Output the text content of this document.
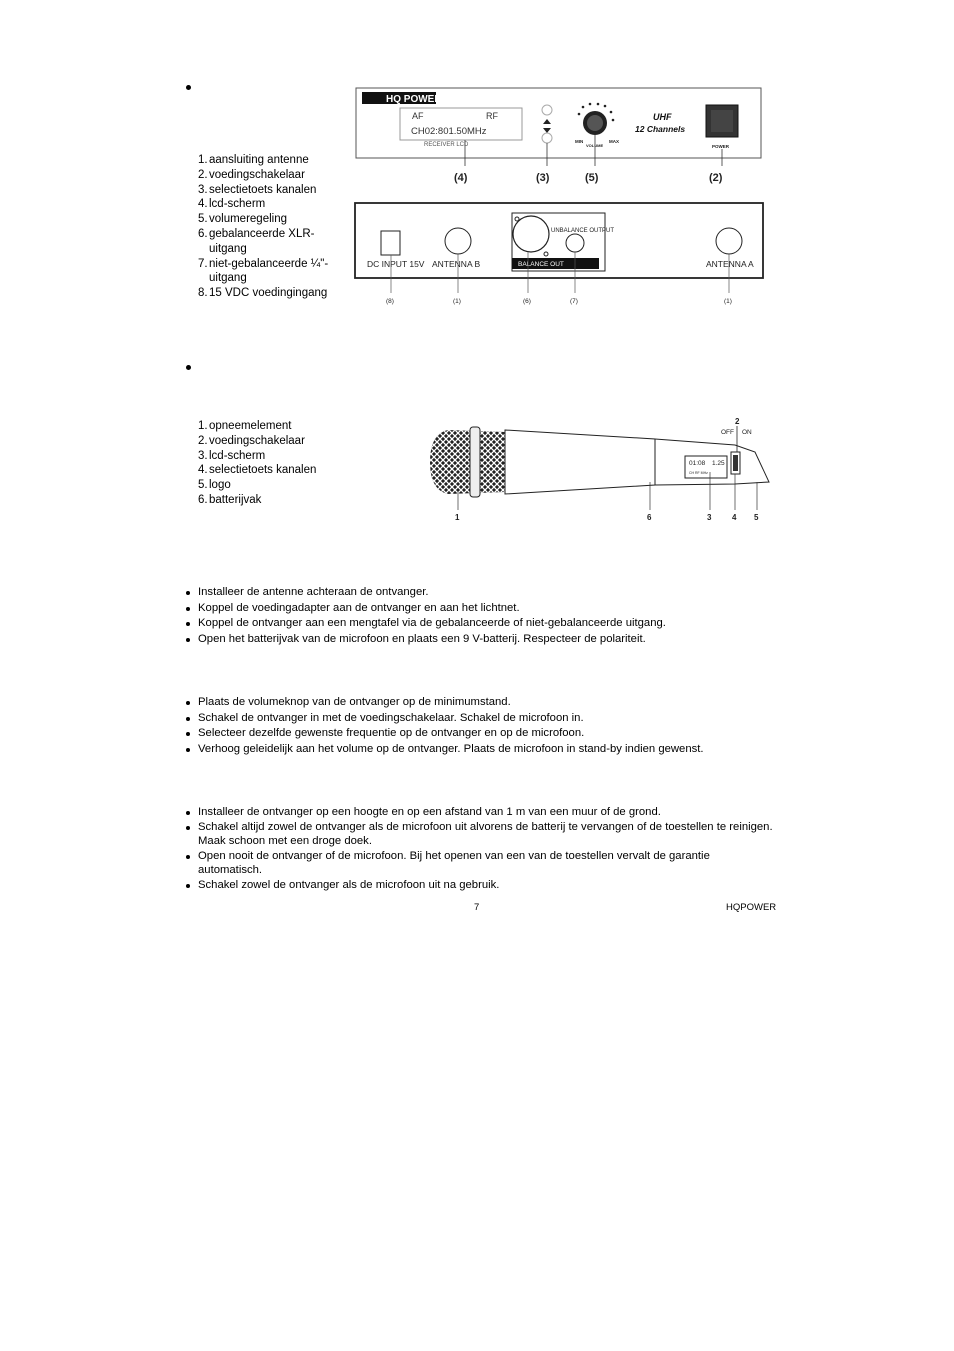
1. aansluiting antenne
2. voedingschakelaar
3. selectietoets kanalen
4. lcd-scherm
5. volumeregeling
6. gebalanceerde XLR-
uitgang
7. niet-gebalanceerde ¼"-
uitgang
8. 15 VDC voedingingang
HQ POWER
AF	RF
CH02:801.50MHz
RECEIVER LCD
MIN	MAX
VOLUME
UHF
12 Channels
POWER
(4)	(3)	(5)	(2)
DC INPUT 15V ANTENNA B	BALANCE OUT
UNBALANCE OUTPUT
ANTENNA A
(8)	(1)	(6)	(7)	(1)
1. opneemelement
2. voedingschakelaar
3. lcd-scherm
4. selectietoets kanalen
5. logo
6. batterijvak
01:08 1.25
CH RF MHz
OFF ON
2
1	6	3	4 5
Installeer de antenne achteraan de ontvanger.
Koppel de voedingadapter aan de ontvanger en aan het lichtnet.
Koppel de ontvanger aan een mengtafel via de gebalanceerde of niet-gebalanceerde uitgang.
Open het batterijvak van de microfoon en plaats een 9 V-batterij. Respecteer de polariteit.
Plaats de volumeknop van de ontvanger op de minimumstand.
Schakel de ontvanger in met de voedingschakelaar. Schakel de microfoon in.
Selecteer dezelfde gewenste frequentie op de ontvanger en op de microfoon.
Verhoog geleidelijk aan het volume op de ontvanger. Plaats de microfoon in stand-by indien gewenst.
Installeer de ontvanger op een hoogte en op een afstand van 1 m van een muur of de grond.
Schakel altijd zowel de ontvanger als de microfoon uit alvorens de batterij te vervangen of de toestellen te reinigen. Maak schoon met een droge doek.
Open nooit de ontvanger of de microfoon. Bij het openen van een van de toestellen vervalt de garantie automatisch.
Schakel zowel de ontvanger als de microfoon uit na gebruik.
7	HQPOWER
